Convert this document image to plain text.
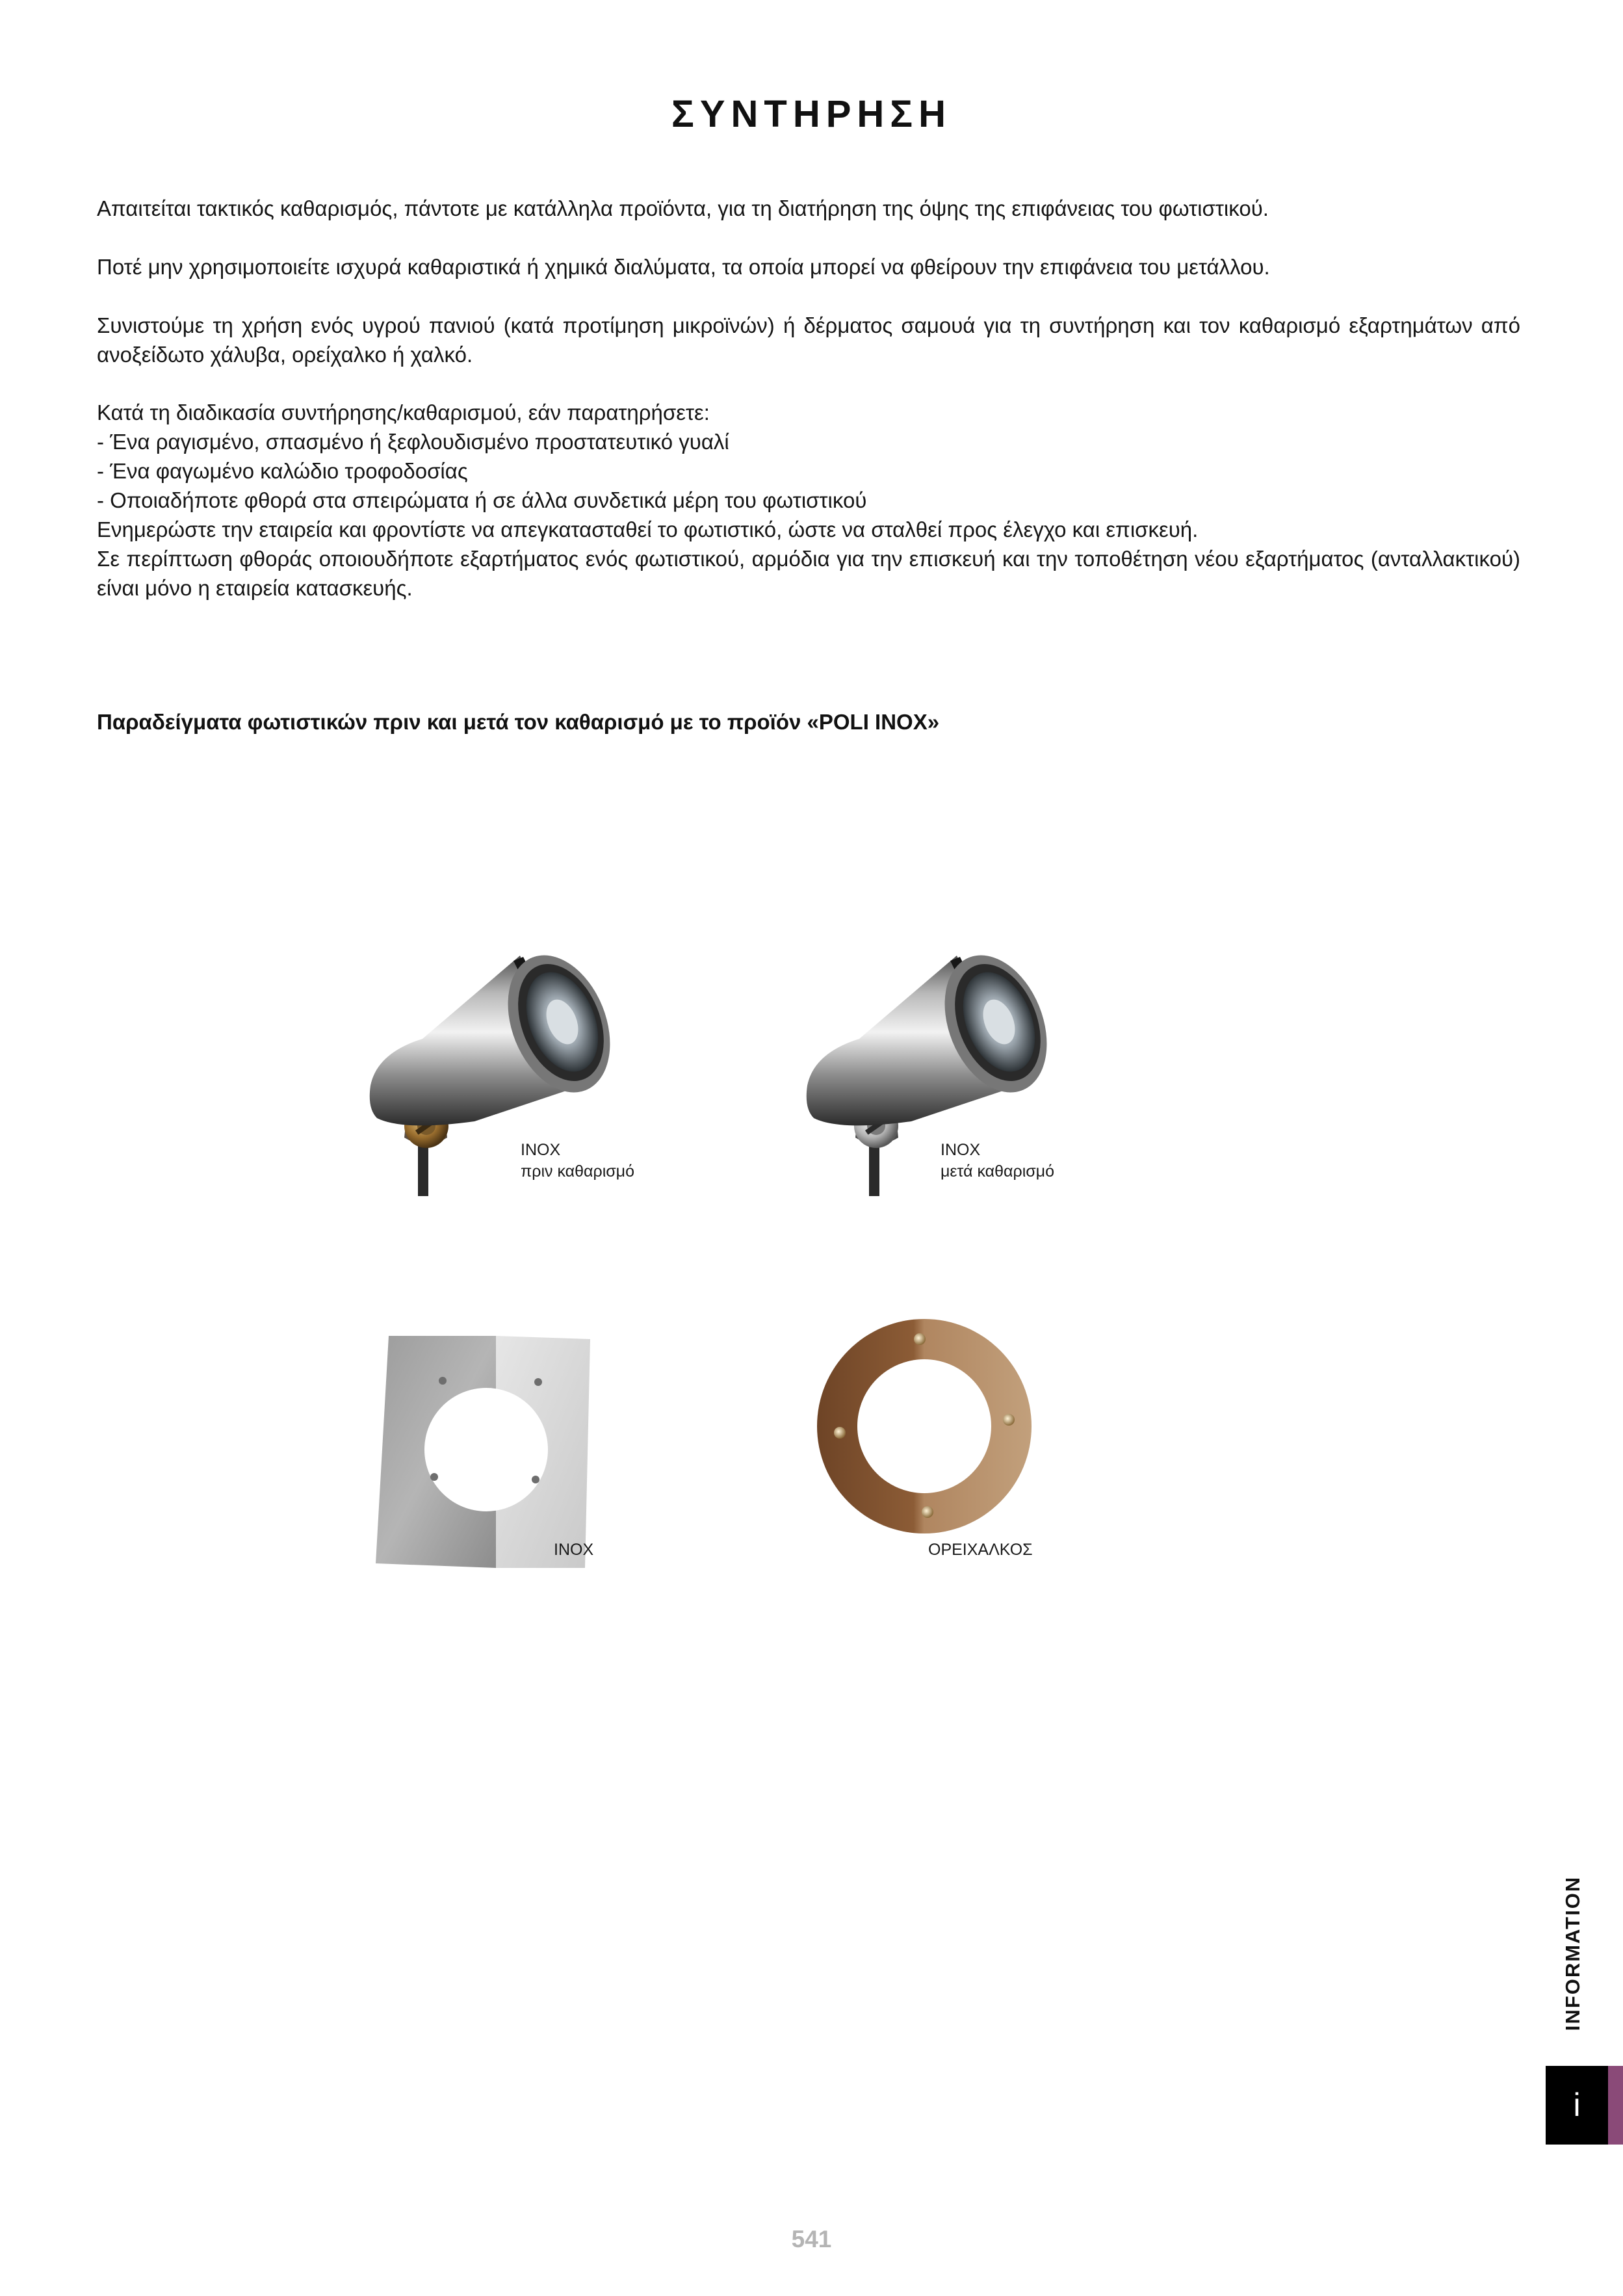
ΣΥΝΤΗΡΗΣΗ

Απαιτείται τακτικός καθαρισμός, πάντοτε με κατάλληλα προϊόντα, για τη διατήρηση της όψης της επιφάνειας του φωτιστικού.

Ποτέ μην χρησιμοποιείτε ισχυρά καθαριστικά ή χημικά διαλύματα, τα οποία μπορεί να φθείρουν την επιφάνεια του μετάλλου.

Συνιστούμε τη χρήση ενός υγρού πανιού (κατά προτίμηση μικροϊνών) ή δέρματος σαμουά για τη συντήρηση και τον καθαρισμό εξαρτημάτων από ανοξείδωτο χάλυβα, ορείχαλκο ή χαλκό.

Κατά τη διαδικασία συντήρησης/καθαρισμού, εάν παρατηρήσετε:
- Ένα ραγισμένο, σπασμένο ή ξεφλουδισμένο προστατευτικό γυαλί
- Ένα φαγωμένο καλώδιο τροφοδοσίας
- Οποιαδήποτε φθορά στα σπειρώματα ή σε άλλα συνδετικά μέρη του φωτιστικού
Ενημερώστε την εταιρεία και φροντίστε να απεγκατασταθεί το φωτιστικό, ώστε να σταλθεί προς έλεγχο και επισκευή.
Σε περίπτωση φθοράς οποιουδήποτε εξαρτήματος ενός φωτιστικού, αρμόδια για την επισκευή και την τοποθέτηση νέου εξαρτήματος (ανταλλακτικού) είναι μόνο η εταιρεία κατασκευής.
Παραδείγματα φωτιστικών πριν και μετά τον καθαρισμό με το προϊόν «POLI INOX»
INOX
πριν καθαρισμό
INOX
μετά καθαρισμό
INOX	ΟΡΕΙΧΑΛΚΟΣ
INFORMATION
i
541
